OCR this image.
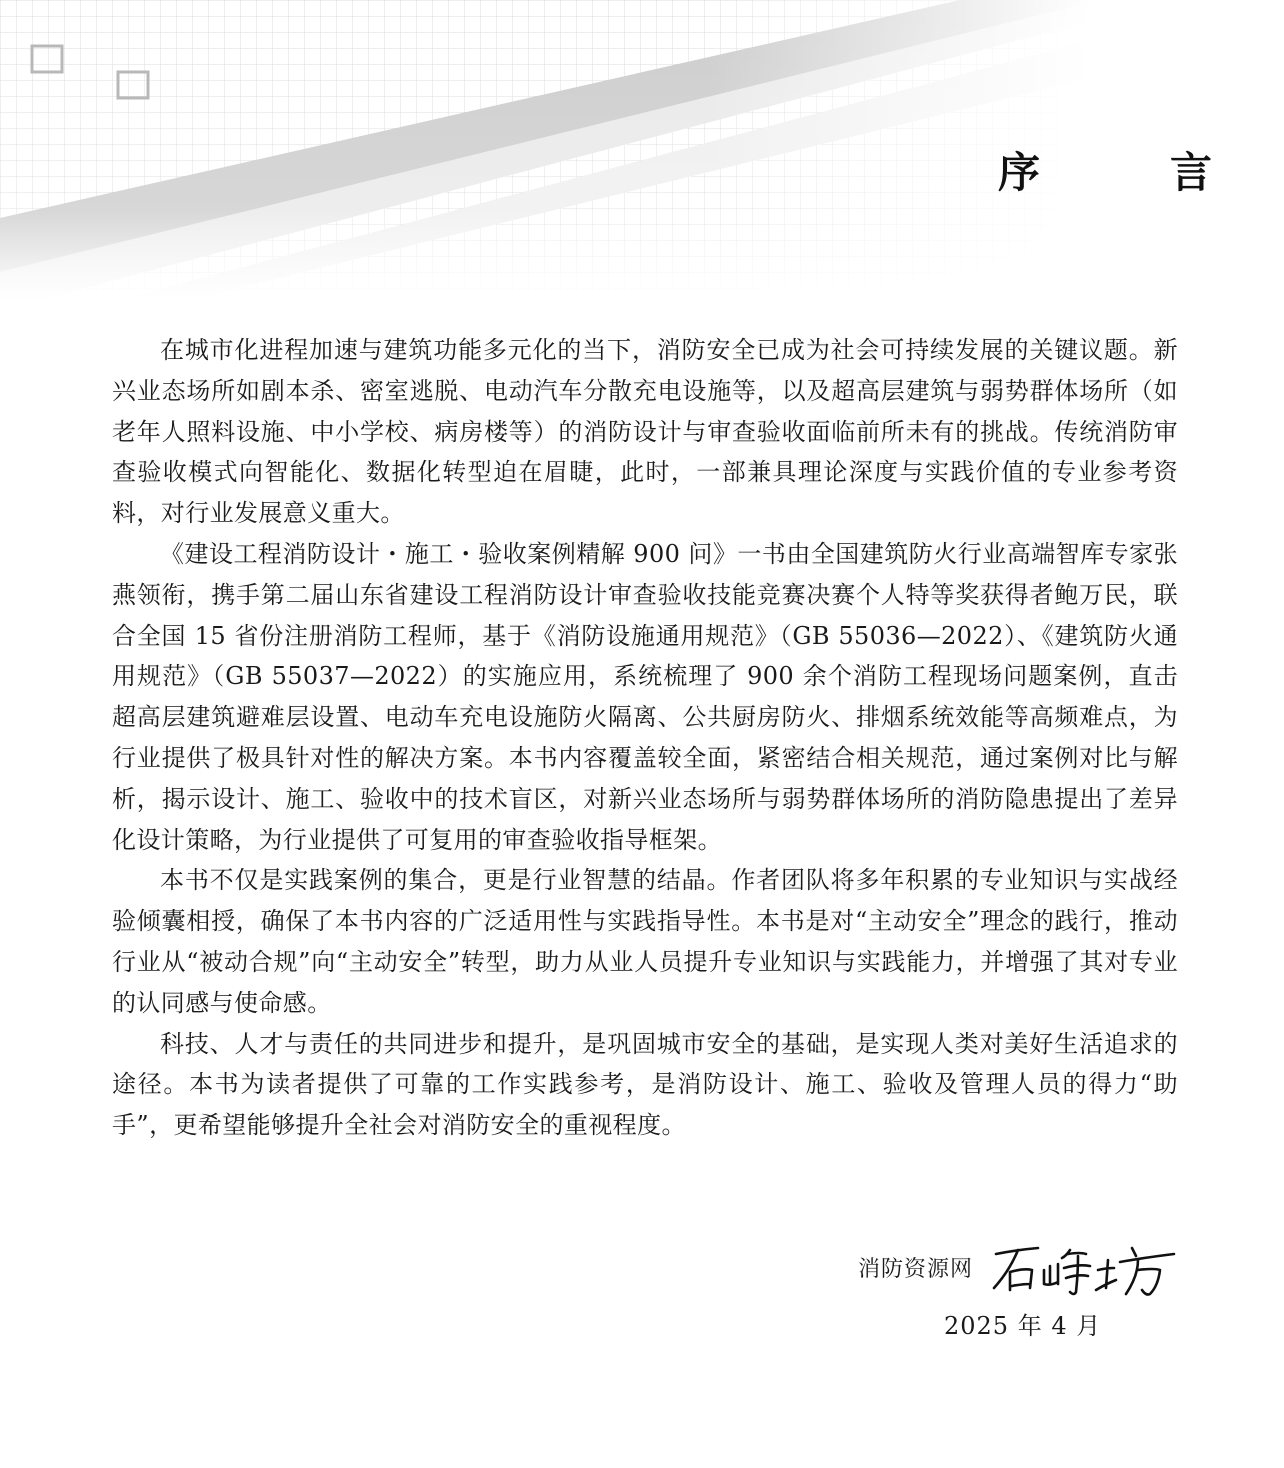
序　言

在城市化进程加速与建筑功能多元化的当下，消防安全已成为社会可持续发展的关键议题。新兴业态场所如剧本杀、密室逃脱、电动汽车分散充电设施等，以及超高层建筑与弱势群体场所（如老年人照料设施、中小学校、病房楼等）的消防设计与审查验收面临前所未有的挑战。传统消防审查验收模式向智能化、数据化转型迫在眉睫，此时，一部兼具理论深度与实践价值的专业参考资料，对行业发展意义重大。

《建设工程消防设计・施工・验收案例精解 900 问》一书由全国建筑防火行业高端智库专家张燕领衔，携手第二届山东省建设工程消防设计审查验收技能竞赛决赛个人特等奖获得者鲍万民，联合全国 15 省份注册消防工程师，基于《消防设施通用规范》（GB 55036—2022）、《建筑防火通用规范》（GB 55037—2022）的实施应用，系统梳理了 900 余个消防工程现场问题案例，直击超高层建筑避难层设置、电动车充电设施防火隔离、公共厨房防火、排烟系统效能等高频难点，为行业提供了极具针对性的解决方案。本书内容覆盖较全面，紧密结合相关规范，通过案例对比与解析，揭示设计、施工、验收中的技术盲区，对新兴业态场所与弱势群体场所的消防隐患提出了差异化设计策略，为行业提供了可复用的审查验收指导框架。

本书不仅是实践案例的集合，更是行业智慧的结晶。作者团队将多年积累的专业知识与实战经验倾囊相授，确保了本书内容的广泛适用性与实践指导性。本书是对“主动安全”理念的践行，推动行业从“被动合规”向“主动安全”转型，助力从业人员提升专业知识与实践能力，并增强了其对专业的认同感与使命感。

科技、人才与责任的共同进步和提升，是巩固城市安全的基础，是实现人类对美好生活追求的途径。本书为读者提供了可靠的工作实践参考，是消防设计、施工、验收及管理人员的得力“助手”，更希望能够提升全社会对消防安全的重视程度。

消防资源网
2025 年 4 月
